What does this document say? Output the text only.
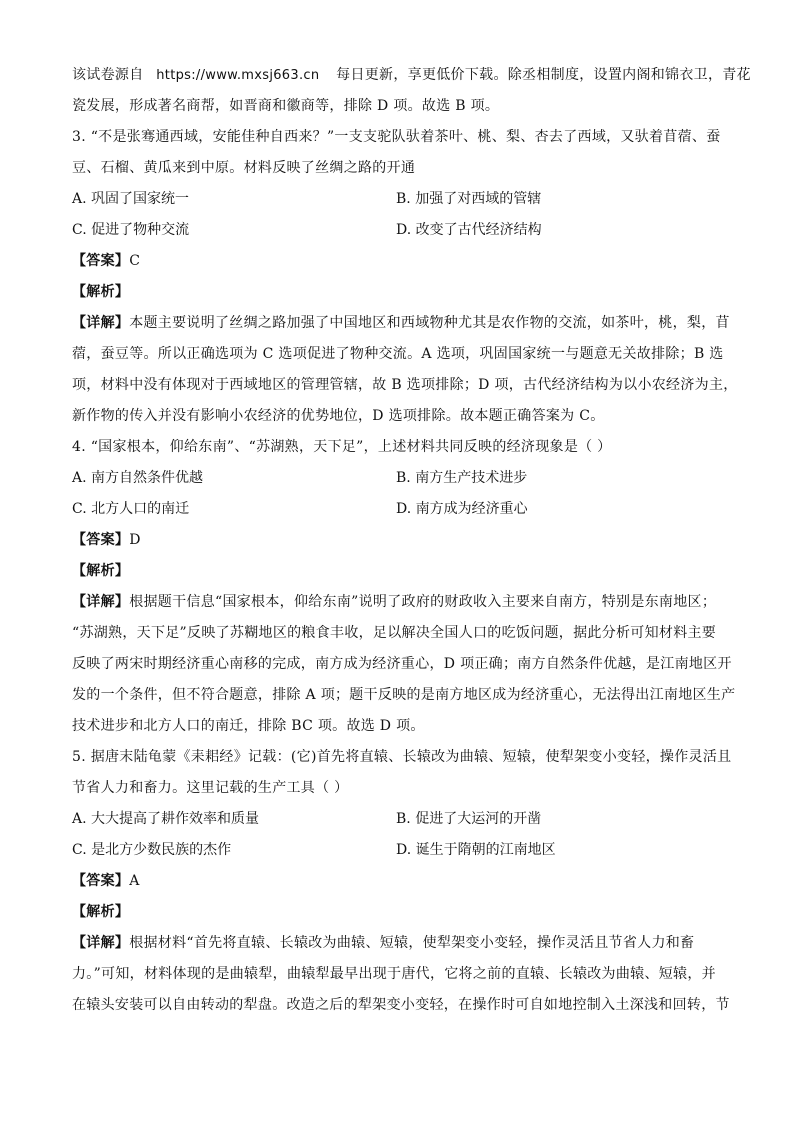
该试卷源自 https://www.mxsj663.cn 每日更新，享更低价下载。除丞相制度，设置内阁和锦衣卫，青花
瓷发展，形成著名商帮，如晋商和徽商等，排除 D 项。故选 B 项。
3. “不是张骞通西域，安能佳种自西来？”一支支驼队驮着茶叶、桃、梨、杏去了西域，又驮着苜蓿、蚕
豆、石榴、黄瓜来到中原。材料反映了丝绸之路的开通
A. 巩固了国家统一	B. 加强了对西域的管辖
C. 促进了物种交流	D. 改变了古代经济结构
【答案】C
【解析】
【详解】本题主要说明了丝绸之路加强了中国地区和西域物种尤其是农作物的交流，如茶叶，桃，梨，苜
蓿，蚕豆等。所以正确选项为 C 选项促进了物种交流。A 选项，巩固国家统一与题意无关故排除；B 选
项，材料中没有体现对于西域地区的管理管辖，故 B 选项排除；D 项，古代经济结构为以小农经济为主，
新作物的传入并没有影响小农经济的优势地位，D 选项排除。故本题正确答案为 C。
4. “国家根本，仰给东南”、“苏湖熟，天下足”，上述材料共同反映的经济现象是（ ）
A. 南方自然条件优越	B. 南方生产技术进步
C. 北方人口的南迁	D. 南方成为经济重心
【答案】D
【解析】
【详解】根据题干信息“国家根本，仰给东南”说明了政府的财政收入主要来自南方，特别是东南地区；
“苏湖熟，天下足”反映了苏糊地区的粮食丰收，足以解决全国人口的吃饭问题，据此分析可知材料主要
反映了两宋时期经济重心南移的完成，南方成为经济重心，D 项正确；南方自然条件优越，是江南地区开
发的一个条件，但不符合题意，排除 A 项；题干反映的是南方地区成为经济重心，无法得出江南地区生产
技术进步和北方人口的南迁，排除 BC 项。故选 D 项。
5. 据唐末陆龟蒙《耒耜经》记载：(它)首先将直辕、长辕改为曲辕、短辕，使犁架变小变轻，操作灵活且
节省人力和畜力。这里记载的生产工具（ ）
A. 大大提高了耕作效率和质量	B. 促进了大运河的开凿
C. 是北方少数民族的杰作	D. 诞生于隋朝的江南地区
【答案】A
【解析】
【详解】根据材料“首先将直辕、长辕改为曲辕、短辕，使犁架变小变轻，操作灵活且节省人力和畜
力。”可知，材料体现的是曲辕犁，曲辕犁最早出现于唐代，它将之前的直辕、长辕改为曲辕、短辕，并
在辕头安装可以自由转动的犁盘。改造之后的犁架变小变轻，在操作时可自如地控制入土深浅和回转，节
